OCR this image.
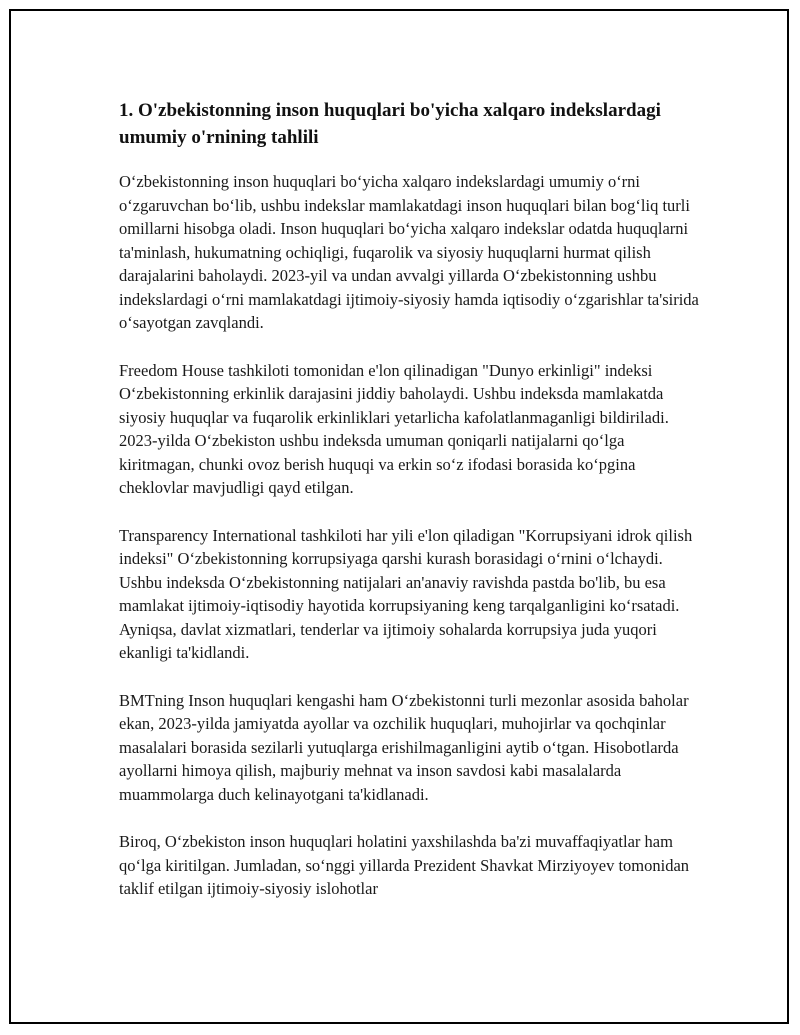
1. O'zbekistonning inson huquqlari bo'yicha xalqaro indekslardagi umumiy o'rnining tahlili

O‘zbekistonning inson huquqlari bo‘yicha xalqaro indekslardagi umumiy o‘rni o‘zgaruvchan bo‘lib, ushbu indekslar mamlakatdagi inson huquqlari bilan bog‘liq turli omillarni hisobga oladi. Inson huquqlari bo‘yicha xalqaro indekslar odatda huquqlarni ta'minlash, hukumatning ochiqligi, fuqarolik va siyosiy huquqlarni hurmat qilish darajalarini baholaydi. 2023-yil va undan avvalgi yillarda O‘zbekistonning ushbu indekslardagi o‘rni mamlakatdagi ijtimoiy-siyosiy hamda iqtisodiy o‘zgarishlar ta'sirida o‘sayotgan zavqlandi.

Freedom House tashkiloti tomonidan e'lon qilinadigan "Dunyo erkinligi" indeksi O‘zbekistonning erkinlik darajasini jiddiy baholaydi. Ushbu indeksda mamlakatda siyosiy huquqlar va fuqarolik erkinliklari yetarlicha kafolatlanmaganligi bildiriladi. 2023-yilda O‘zbekiston ushbu indeksda umuman qoniqarli natijalarni qo‘lga kiritmagan, chunki ovoz berish huquqi va erkin so‘z ifodasi borasida ko‘pgina cheklovlar mavjudligi qayd etilgan.

Transparency International tashkiloti har yili e'lon qiladigan "Korrupsiyani idrok qilish indeksi" O‘zbekistonning korrupsiyaga qarshi kurash borasidagi o‘rnini o‘lchaydi. Ushbu indeksda O‘zbekistonning natijalari an'anaviy ravishda pastda bo'lib, bu esa mamlakat ijtimoiy-iqtisodiy hayotida korrupsiyaning keng tarqalganligini ko‘rsatadi. Ayniqsa, davlat xizmatlari, tenderlar va ijtimoiy sohalarda korrupsiya juda yuqori ekanligi ta'kidlandi.

BMTning Inson huquqlari kengashi ham O‘zbekistonni turli mezonlar asosida baholar ekan, 2023-yilda jamiyatda ayollar va ozchilik huquqlari, muhojirlar va qochqinlar masalalari borasida sezilarli yutuqlarga erishilmaganligini aytib o‘tgan. Hisobotlarda ayollarni himoya qilish, majburiy mehnat va inson savdosi kabi masalalarda muammolarga duch kelinayotgani ta'kidlanadi.

Biroq, O‘zbekiston inson huquqlari holatini yaxshilashda ba'zi muvaffaqiyatlar ham qo‘lga kiritilgan. Jumladan, so‘nggi yillarda Prezident Shavkat Mirziyoyev tomonidan taklif etilgan ijtimoiy-siyosiy islohotlar
